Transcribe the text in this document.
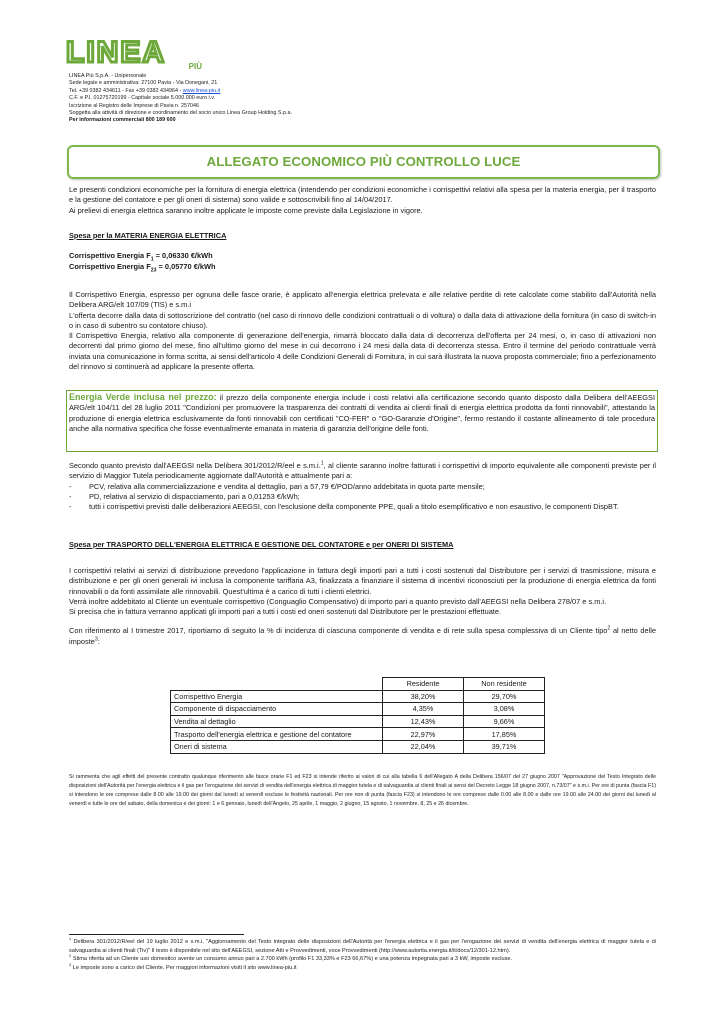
LINEA	PIÙ
LINEA Più S.p.A. - Unipersonale
Sede legale e amministrativa: 27100 Pavia - Via Donegani, 21
Tel. +39 0382 434611 - Fax +39 0382 434964 - www.linea-piu.it
C.F. e P.I. 01275720199 - Capitale sociale 5.000.000 euro i.v.
Iscrizione al Registro delle Imprese di Pavia n. 257046
Soggetta alla attività di direzione e coordinamento del socio unico Linea Group Holding S.p.a.
Per informazioni commerciali 800 189 600
ALLEGATO ECONOMICO PIÙ CONTROLLO LUCE

Le presenti condizioni economiche per la fornitura di energia elettrica (intendendo per condizioni economiche i corrispettivi relativi alla spesa per la materia energia, per il trasporto e la gestione del contatore e per gli oneri di sistema) sono valide e sottoscrivibili fino al 14/04/2017.

Ai prelievi di energia elettrica saranno inoltre applicate le imposte come previste dalla Legislazione in vigore.

Spesa per la MATERIA ENERGIA ELETTRICA

Corrispettivo Energia $F_1 = 0,06330$ €/kWh

Corrispettivo Energia $F_{23} = 0,05770$ €/kWh

Il Corrispettivo Energia, espresso per ognuna delle fasce orarie, è applicato all'energia elettrica prelevata e alle relative perdite di rete calcolate come stabilito dall'Autorità nella Delibera ARG/elt 107/09 (TIS) e s.m.i

L'offerta decorre dalla data di sottoscrizione del contratto (nel caso di rinnovo delle condizioni contrattuali o di voltura) o dalla data di attivazione della fornitura (in caso di switch-in o in caso di subentro su contatore chiuso).

Il Corrispettivo Energia, relativo alla componente di generazione dell'energia, rimarrà bloccato dalla data di decorrenza dell'offerta per 24 mesi, o, in caso di attivazioni non decorrenti dal primo giorno del mese, fino all'ultimo giorno del mese in cui decorrono i 24 mesi dalla data di decorrenza stessa. Entro il termine del periodo contrattuale verrà inviata una comunicazione in forma scritta, ai sensi dell'articolo 4 delle Condizioni Generali di Fornitura, in cui sarà illustrata la nuova proposta commerciale; fino a perfezionamento del rinnovo si continuerà ad applicare la presente offerta.

Energia Verde inclusa nel prezzo: il prezzo della componente energia include i costi relativi alla certificazione secondo quanto disposto dalla Delibera dell'AEEGSI ARG/elt 104/11 del 28 luglio 2011 "Condizioni per promuovere la trasparenza dei contratti di vendita ai clienti finali di energia elettrica prodotta da fonti rinnovabili", attestando la produzione di energia elettrica esclusivamente da fonti rinnovabili con certificati "CO-FER" o "GO-Garanzie d'Origine", fermo restando il costante allineamento di tale procedura anche alla normativa specifica che fosse eventualmente emanata in materia di garanzia dell'origine delle fonti.

Secondo quanto previsto dall'AEEGSI nella Delibera 301/2012/R/eel e s.m.i.$^1$, al cliente saranno inoltre fatturati i corrispettivi di importo equivalente alle componenti previste per il servizio di Maggior Tutela periodicamente aggiornate dall'Autorità e attualmente pari a:

-	PCV, relativa alla commercializzazione e vendita al dettaglio, pari a 57,79 €/POD/anno addebitata in quota parte mensile;
-	PD, relativa al servizio di dispacciamento, pari a 0,01253 €/kWh;
-	tutti i corrispettivi previsti dalle deliberazioni AEEGSI, con l'esclusione della componente PPE, quali a titolo esemplificativo e non esaustivo, le componenti DispBT.

Spesa per TRASPORTO DELL'ENERGIA ELETTRICA E GESTIONE DEL CONTATORE e per ONERI DI SISTEMA

I corrispettivi relativi ai servizi di distribuzione prevedono l'applicazione in fattura degli importi pari a tutti i costi sostenuti dal Distributore per i servizi di trasmissione, misura e distribuzione e per gli oneri generali ivi inclusa la componente tariffaria A3, finalizzata a finanziare il sistema di incentivi riconosciuti per la produzione di energia elettrica da fonti rinnovabili o da fonti assimilate alle rinnovabili. Quest'ultima è a carico di tutti i clienti elettrici.

Verrà inoltre addebitato al Cliente un eventuale corrispettivo (Conguaglio Compensativo) di importo pari a quanto previsto dall'AEEGSI nella Delibera 278/07 e s.m.i.

Si precisa che in fattura verranno applicati gli importi pari a tutti i costi ed oneri sostenuti dal Distributore per le prestazioni effettuate.

Con riferimento al I trimestre 2017, riportiamo di seguito la % di incidenza di ciascuna componente di vendita e di rete sulla spesa complessiva di un Cliente tipo$^2$ al netto delle imposte$^3$:

	Residente	Non residente
Corrispettivo Energia	38,20%	29,70%
Componente di dispacciamento	4,35%	3,08%
Vendita al dettaglio	12,43%	9,66%
Trasporto dell'energia elettrica e gestione del contatore	22,97%	17,85%
Oneri di sistema	22,04%	39,71%
Si rammenta che agli effetti del presente contratto qualunque riferimento alle fasce orarie F1 ed F23 si intende riferito ai valori di cui alla tabella 6 dell'Allegato A della Delibera 156/07 del 27 giugno 2007 "Approvazione del Testo Integrato delle disposizioni dell'Autorità per l'energia elettrica e il gas per l'erogazione dei servizi di vendita dell'energia elettrica di maggior tutela e di salvaguardia ai clienti finali ai sensi del Decreto Legge 18 giugno 2007, n.73/07" e s.m.i. Per ore di punta (fascia F1) si intendono le ore comprese dalle 8.00 alle 19.00 dei giorni dal lunedì al venerdì escluse le festività nazionali. Per ore non di punta (fascia F23) si intendono le ore comprese dalle 0.00 alle 8.00 e dalle ore 19.00 alle 24.00 dei giorni dal lunedì al venerdì e tutte le ore del sabato, della domenica e dei giorni: 1 e 6 gennaio, lunedì dell'Angelo, 25 aprile, 1 maggio, 2 giugno, 15 agosto, 1 novembre, 8, 25 e 26 dicembre.

$^1$ Delibera 301/2012/R/eel del 19 luglio 2012 e s.m.i. "Aggiornamento del Testo integrato delle disposizioni dell'Autorità per l'energia elettrica e il gas per l'erogazione dei servizi di vendita dell'energia elettrica di maggior tutela e di salvaguardia ai clienti finali (Tiv)" Il testo è disponibile nel sito dell'AEEGSI, sezione Atti e Provvedimenti, voce Provvedimenti (http://www.autorita.energia.it/it/docs/12/301-12.htm).

$^2$ Stima riferita ad un Cliente uso domestico avente un consumo annuo pari a 2.700 kWh (profilo F1 33,33% e F23 66,67%) e una potenza impegnata pari a 3 kW, imposte escluse.

$^3$ Le imposte sono a carico del Cliente. Per maggiori informazioni visiti il sito www.linea-piu.it
